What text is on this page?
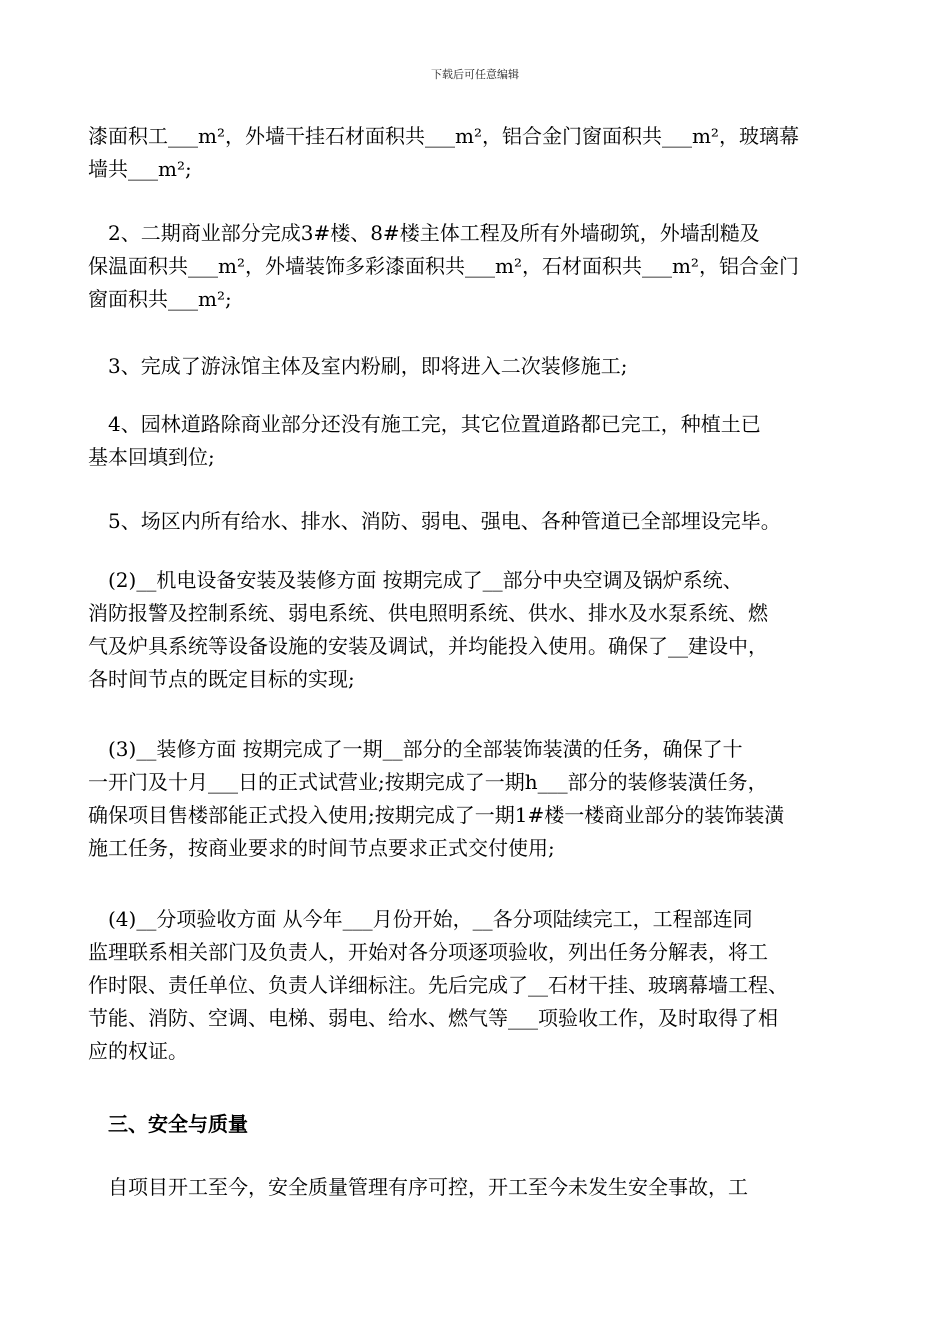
下载后可任意编辑

漆面积工___m²，外墙干挂石材面积共___m²，铝合金门窗面积共___m²，玻璃幕
墙共___m²;

　2、二期商业部分完成3#楼、8#楼主体工程及所有外墙砌筑，外墙刮糙及
保温面积共___m²，外墙装饰多彩漆面积共___m²，石材面积共___m²，铝合金门
窗面积共___m²;

　3、完成了游泳馆主体及室内粉刷，即将进入二次装修施工;

　4、园林道路除商业部分还没有施工完，其它位置道路都已完工，种植土已
基本回填到位;

　5、场区内所有给水、排水、消防、弱电、强电、各种管道已全部埋设完毕。

　(2)__机电设备安装及装修方面 按期完成了__部分中央空调及锅炉系统、
消防报警及控制系统、弱电系统、供电照明系统、供水、排水及水泵系统、燃
气及炉具系统等设备设施的安装及调试，并均能投入使用。确保了__建设中，
各时间节点的既定目标的实现;

　(3)__装修方面 按期完成了一期__部分的全部装饰装潢的任务，确保了十
一开门及十月___日的正式试营业;按期完成了一期h___部分的装修装潢任务，
确保项目售楼部能正式投入使用;按期完成了一期1#楼一楼商业部分的装饰装潢
施工任务，按商业要求的时间节点要求正式交付使用;

　(4)__分项验收方面 从今年___月份开始，__各分项陆续完工，工程部连同
监理联系相关部门及负责人，开始对各分项逐项验收，列出任务分解表，将工
作时限、责任单位、负责人详细标注。先后完成了__石材干挂、玻璃幕墙工程、
节能、消防、空调、电梯、弱电、给水、燃气等___项验收工作，及时取得了相
应的权证。

　三、安全与质量

　自项目开工至今，安全质量管理有序可控，开工至今未发生安全事故，工
